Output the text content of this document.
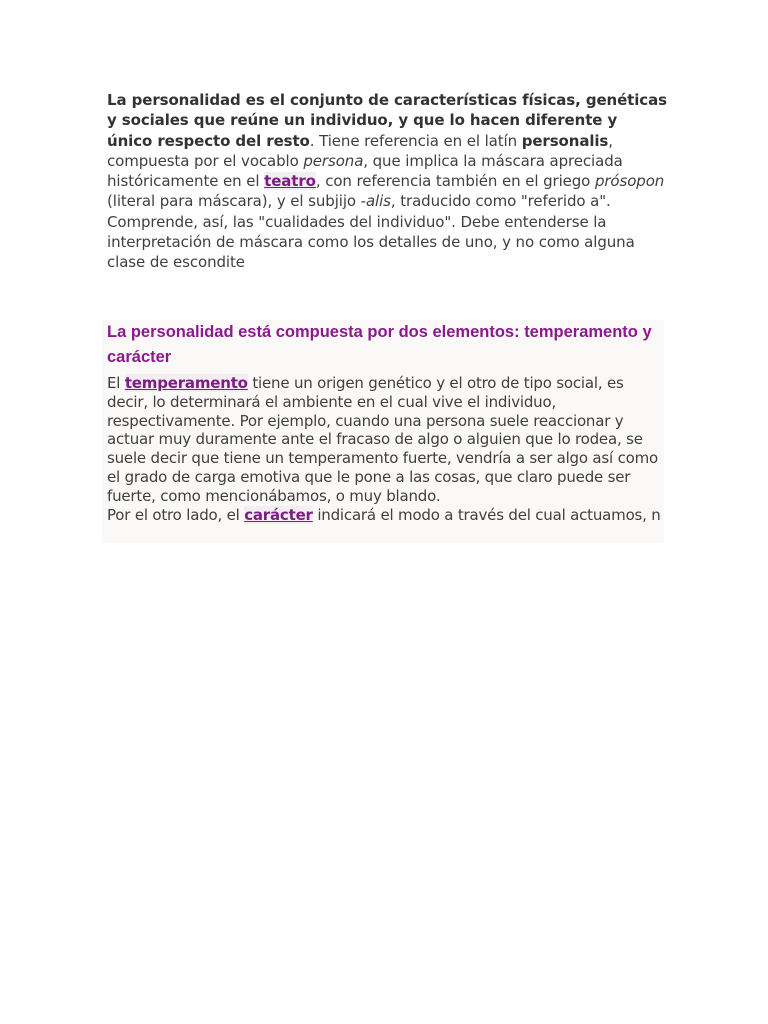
La personalidad es el conjunto de características físicas, genéticas y sociales que reúne un individuo, y que lo hacen diferente y único respecto del resto. Tiene referencia en el latín personalis, compuesta por el vocablo persona, que implica la máscara apreciada históricamente en el teatro, con referencia también en el griego prósopon (literal para máscara), y el subjijo -alis, traducido como "referido a". Comprende, así, las "cualidades del individuo". Debe entenderse la interpretación de máscara como los detalles de uno, y no como alguna clase de escondite

La personalidad está compuesta por dos elementos: temperamento y carácter

El temperamento tiene un origen genético y el otro de tipo social, es decir, lo determinará el ambiente en el cual vive el individuo, respectivamente. Por ejemplo, cuando una persona suele reaccionar y actuar muy duramente ante el fracaso de algo o alguien que lo rodea, se suele decir que tiene un temperamento fuerte, vendría a ser algo así como el grado de carga emotiva que le pone a las cosas, que claro puede ser fuerte, como mencionábamos, o muy blando.
Por el otro lado, el carácter indicará el modo a través del cual actuamos, n
